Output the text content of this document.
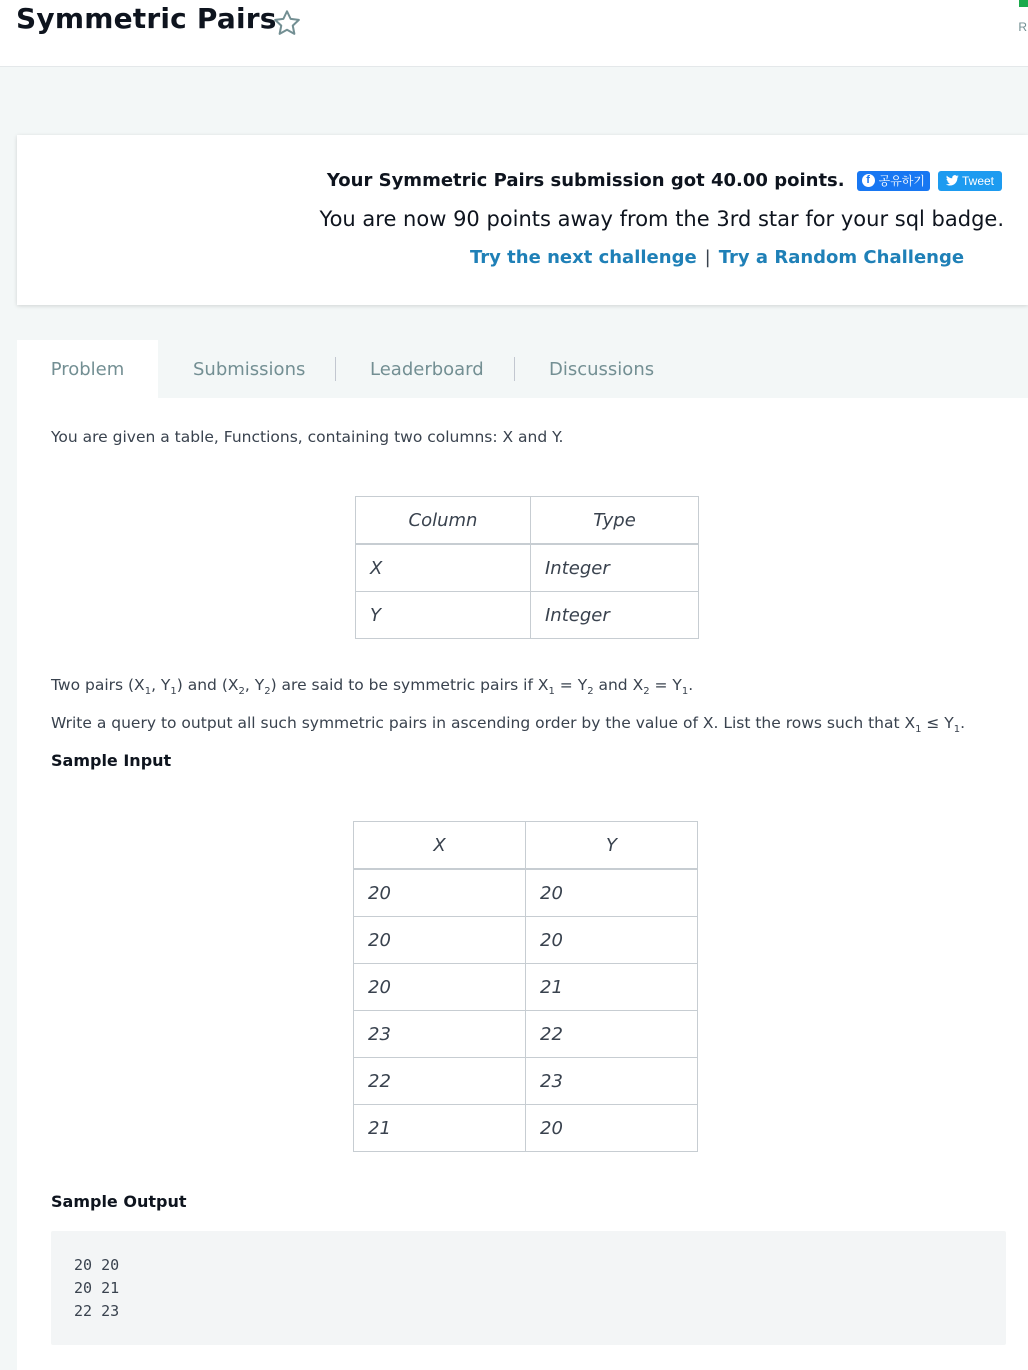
Symmetric Pairs	R
Your Symmetric Pairs submission got 40.00 points.	f 공유하기	Tweet
You are now 90 points away from the 3rd star for your sql badge.
Try the next challenge | Try a Random Challenge
Problem	Submissions	Leaderboard	Discussions
You are given a table, Functions, containing two columns: X and Y.
Column	Type
X	Integer
Y	Integer
Two pairs ($X_1$, $Y_1$) and ($X_2$, $Y_2$) are said to be symmetric pairs if $X_1 = Y_2$ and $X_2 = Y_1$.
Write a query to output all such symmetric pairs in ascending order by the value of X. List the rows such that $X_1 \le Y_1$.
Sample Input
X	Y
20	20
20	20
20	21
23	22
22	23
21	20
Sample Output
20 20
20 21
22 23
